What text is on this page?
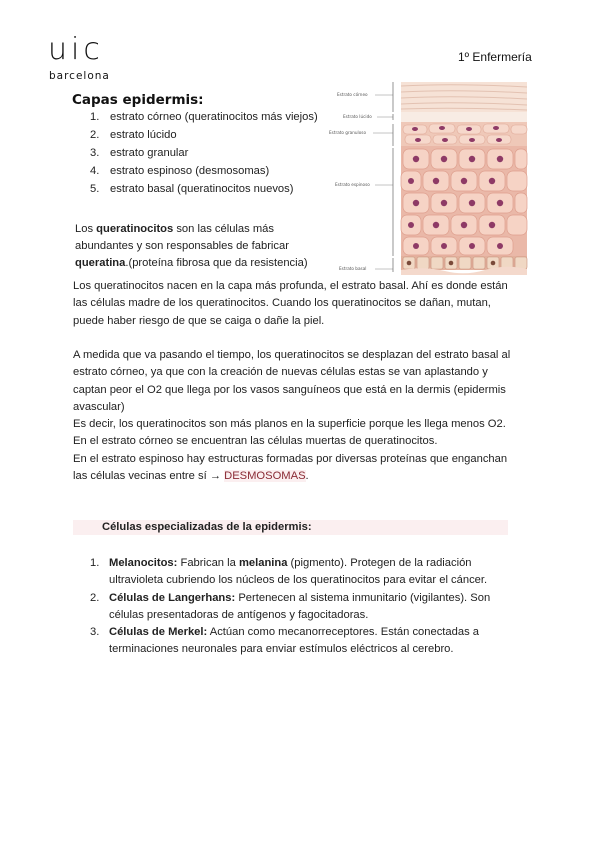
uic
barcelona
1º Enfermería
Capas epidermis:
1. estrato córneo (queratinocitos más viejos)
2. estrato lúcido
3. estrato granular
4. estrato espinoso (desmosomas)
5. estrato basal (queratinocitos nuevos)
Estrato córneo
Estrato lúcido
Estrato granuloso
Estrato espinoso
Estrato basal
Los queratinocitos son las células más abundantes y son responsables de fabricar queratina.(proteína fibrosa que da resistencia)
Los queratinocitos nacen en la capa más profunda, el estrato basal. Ahí es donde están las células madre de los queratinocitos. Cuando los queratinocitos se dañan, mutan, puede haber riesgo de que se caiga o dañe la piel.
A medida que va pasando el tiempo, los queratinocitos se desplazan del estrato basal al estrato córneo, ya que con la creación de nuevas células estas se van aplastando y captan peor el O2 que llega por los vasos sanguíneos que está en la dermis (epidermis avascular)
Es decir, los queratinocitos son más planos en la superficie porque les llega menos O2.
En el estrato córneo se encuentran las células muertas de queratinocitos.
En el estrato espinoso hay estructuras formadas por diversas proteínas que enganchan las células vecinas entre sí → DESMOSOMAS.
Células especializadas de la epidermis:
1. Melanocitos: Fabrican la melanina (pigmento). Protegen de la radiación ultravioleta cubriendo los núcleos de los queratinocitos para evitar el cáncer.
2. Células de Langerhans: Pertenecen al sistema inmunitario (vigilantes). Son células presentadoras de antígenos y fagocitadoras.
3. Células de Merkel: Actúan como mecanorreceptores. Están conectadas a terminaciones neuronales para enviar estímulos eléctricos al cerebro.
